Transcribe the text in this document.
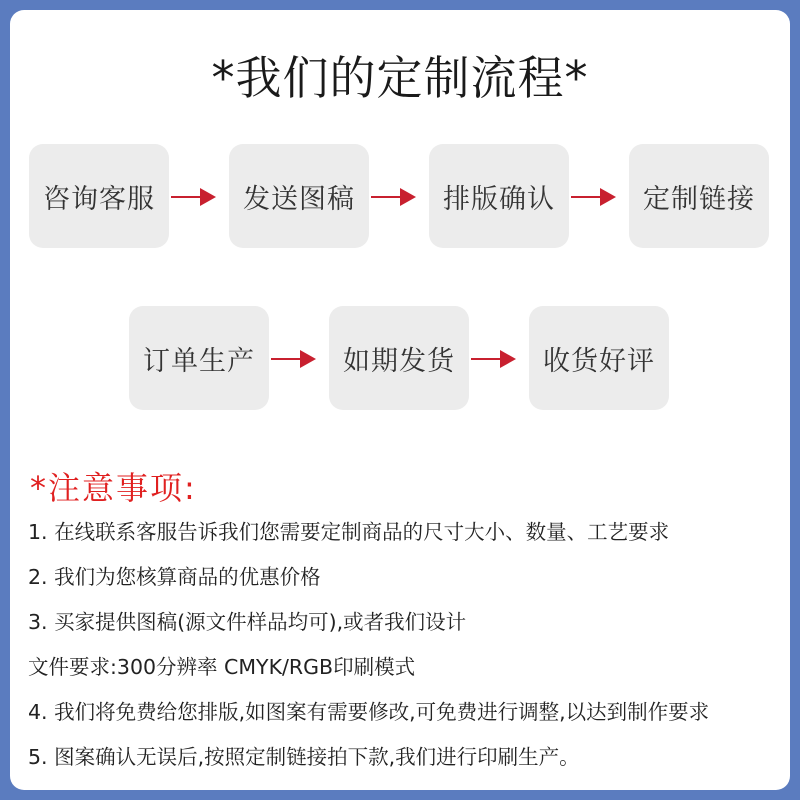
*我们的定制流程*
咨询客服	发送图稿	排版确认	定制链接
订单生产	如期发货	收货好评
*注意事项:
1. 在线联系客服告诉我们您需要定制商品的尺寸大小、数量、工艺要求
2. 我们为您核算商品的优惠价格
3. 买家提供图稿(源文件样品均可),或者我们设计
文件要求:300分辨率 CMYK/RGB印刷模式
4. 我们将免费给您排版,如图案有需要修改,可免费进行调整,以达到制作要求
5. 图案确认无误后,按照定制链接拍下款,我们进行印刷生产。
